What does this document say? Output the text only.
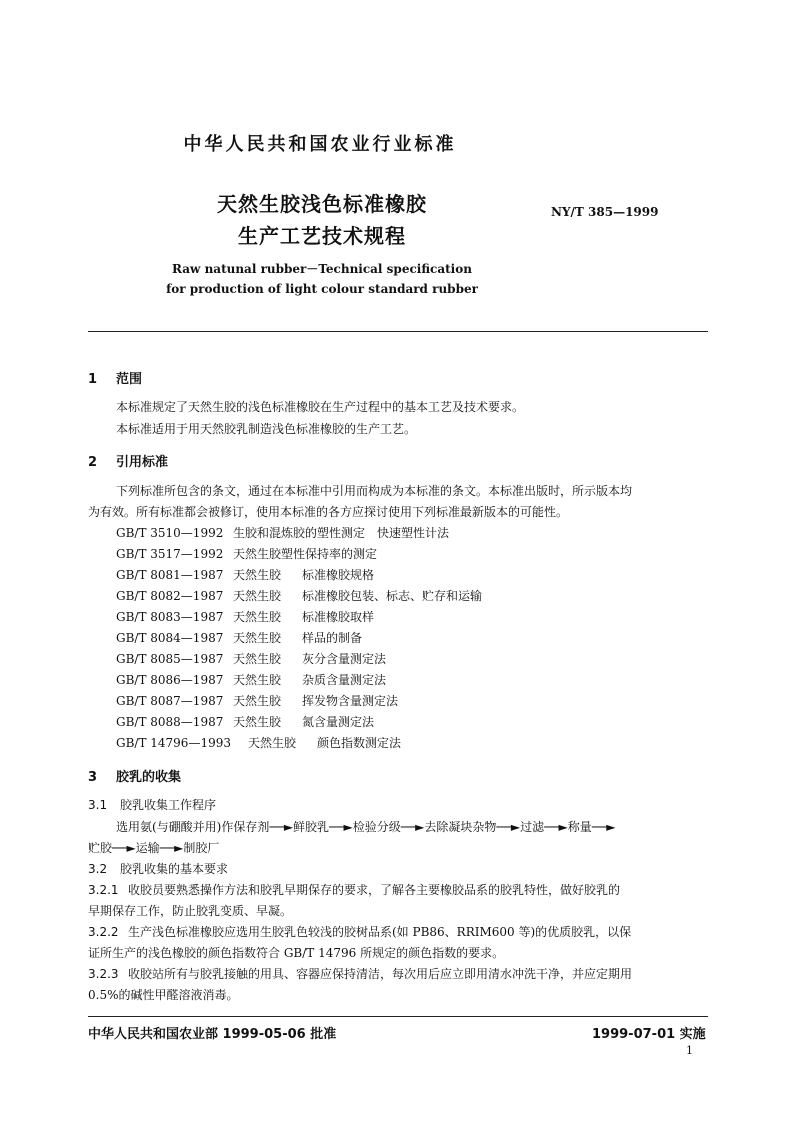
中华人民共和国农业行业标准
天然生胶浅色标准橡胶
生产工艺技术规程
NY/T 385—1999
Raw natunal rubber－Technical specification
for production of light colour standard rubber
1 范围
本标准规定了天然生胶的浅色标准橡胶在生产过程中的基本工艺及技术要求。
本标准适用于用天然胶乳制造浅色标准橡胶的生产工艺。
2 引用标准
下列标准所包含的条文，通过在本标准中引用而构成为本标准的条文。本标准出版时，所示版本均
为有效。所有标准都会被修订，使用本标准的各方应探讨使用下列标准最新版本的可能性。
GB/T 3510—1992 生胶和混炼胶的塑性测定 快速塑性计法
GB/T 3517—1992 天然生胶塑性保持率的测定
GB/T 8081—1987 天然生胶 标准橡胶规格
GB/T 8082—1987 天然生胶 标准橡胶包装、标志、贮存和运输
GB/T 8083—1987 天然生胶 标准橡胶取样
GB/T 8084—1987 天然生胶 样品的制备
GB/T 8085—1987 天然生胶 灰分含量测定法
GB/T 8086—1987 天然生胶 杂质含量测定法
GB/T 8087—1987 天然生胶 挥发物含量测定法
GB/T 8088—1987 天然生胶 氮含量测定法
GB/T 14796—1993 天然生胶 颜色指数测定法
3 胶乳的收集
3.1 胶乳收集工作程序
选用氨(与硼酸并用)作保存剂──►鲜胶乳──►检验分级──►去除凝块杂物──►过滤──►称量──►
贮胶──►运输──►制胶厂
3.2 胶乳收集的基本要求
3.2.1 收胶员要熟悉操作方法和胶乳早期保存的要求，了解各主要橡胶品系的胶乳特性，做好胶乳的
早期保存工作，防止胶乳变质、早凝。
3.2.2 生产浅色标准橡胶应选用生胶乳色较浅的胶树品系(如 PB86、RRIM600 等)的优质胶乳，以保
证所生产的浅色橡胶的颜色指数符合 GB/T 14796 所规定的颜色指数的要求。
3.2.3 收胶站所有与胶乳接触的用具、容器应保持清洁，每次用后应立即用清水冲洗干净，并应定期用
0.5%的碱性甲醛溶液消毒。
中华人民共和国农业部 1999-05-06 批准	1999-07-01 实施
1
